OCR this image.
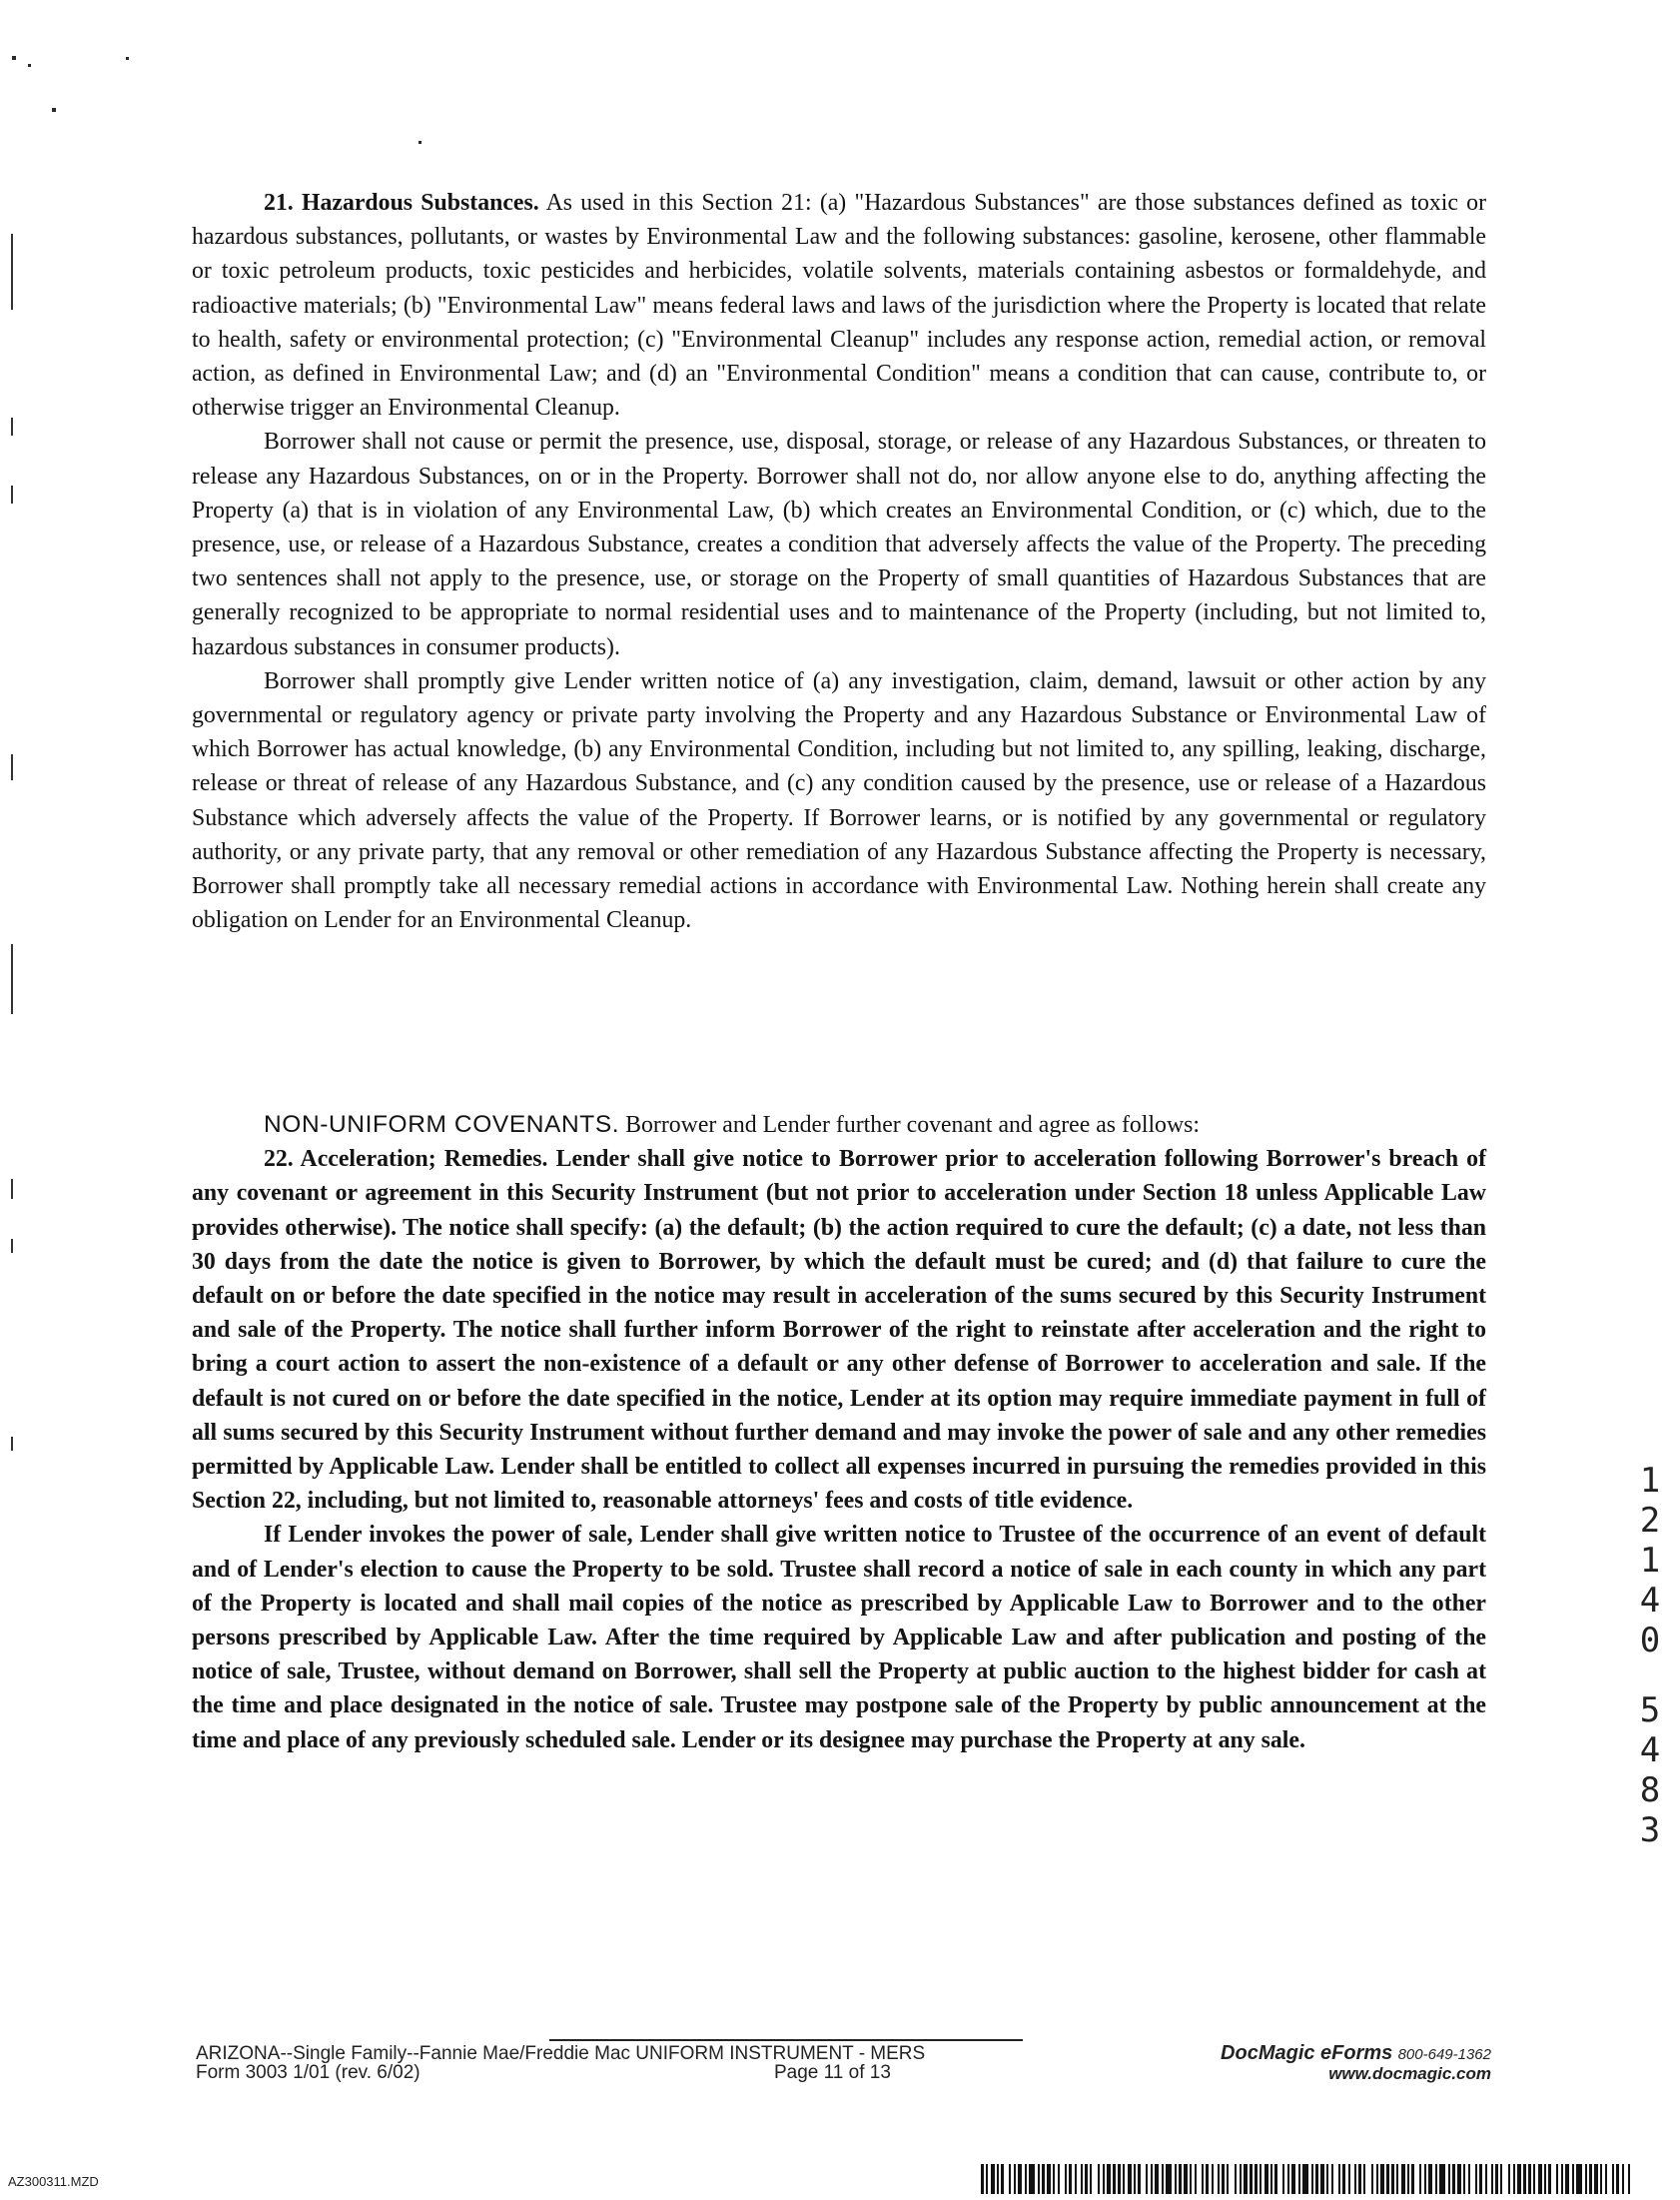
21. Hazardous Substances. As used in this Section 21: (a) "Hazardous Substances" are those substances defined as toxic or hazardous substances, pollutants, or wastes by Environmental Law and the following substances: gasoline, kerosene, other flammable or toxic petroleum products, toxic pesticides and herbicides, volatile solvents, materials containing asbestos or formaldehyde, and radioactive materials; (b) "Environmental Law" means federal laws and laws of the jurisdiction where the Property is located that relate to health, safety or environmental protection; (c) "Environmental Cleanup" includes any response action, remedial action, or removal action, as defined in Environmental Law; and (d) an "Environmental Condition" means a condition that can cause, contribute to, or otherwise trigger an Environmental Cleanup.

Borrower shall not cause or permit the presence, use, disposal, storage, or release of any Hazardous Substances, or threaten to release any Hazardous Substances, on or in the Property. Borrower shall not do, nor allow anyone else to do, anything affecting the Property (a) that is in violation of any Environmental Law, (b) which creates an Environmental Condition, or (c) which, due to the presence, use, or release of a Hazardous Substance, creates a condition that adversely affects the value of the Property. The preceding two sentences shall not apply to the presence, use, or storage on the Property of small quantities of Hazardous Substances that are generally recognized to be appropriate to normal residential uses and to maintenance of the Property (including, but not limited to, hazardous substances in consumer products).

Borrower shall promptly give Lender written notice of (a) any investigation, claim, demand, lawsuit or other action by any governmental or regulatory agency or private party involving the Property and any Hazardous Substance or Environmental Law of which Borrower has actual knowledge, (b) any Environmental Condition, including but not limited to, any spilling, leaking, discharge, release or threat of release of any Hazardous Substance, and (c) any condition caused by the presence, use or release of a Hazardous Substance which adversely affects the value of the Property. If Borrower learns, or is notified by any governmental or regulatory authority, or any private party, that any removal or other remediation of any Hazardous Substance affecting the Property is necessary, Borrower shall promptly take all necessary remedial actions in accordance with Environmental Law. Nothing herein shall create any obligation on Lender for an Environmental Cleanup.

NON-UNIFORM COVENANTS. Borrower and Lender further covenant and agree as follows:

22. Acceleration; Remedies. Lender shall give notice to Borrower prior to acceleration following Borrower's breach of any covenant or agreement in this Security Instrument (but not prior to acceleration under Section 18 unless Applicable Law provides otherwise). The notice shall specify: (a) the default; (b) the action required to cure the default; (c) a date, not less than 30 days from the date the notice is given to Borrower, by which the default must be cured; and (d) that failure to cure the default on or before the date specified in the notice may result in acceleration of the sums secured by this Security Instrument and sale of the Property. The notice shall further inform Borrower of the right to reinstate after acceleration and the right to bring a court action to assert the non-existence of a default or any other defense of Borrower to acceleration and sale. If the default is not cured on or before the date specified in the notice, Lender at its option may require immediate payment in full of all sums secured by this Security Instrument without further demand and may invoke the power of sale and any other remedies permitted by Applicable Law. Lender shall be entitled to collect all expenses incurred in pursuing the remedies provided in this Section 22, including, but not limited to, reasonable attorneys' fees and costs of title evidence.

If Lender invokes the power of sale, Lender shall give written notice to Trustee of the occurrence of an event of default and of Lender's election to cause the Property to be sold. Trustee shall record a notice of sale in each county in which any part of the Property is located and shall mail copies of the notice as prescribed by Applicable Law to Borrower and to the other persons prescribed by Applicable Law. After the time required by Applicable Law and after publication and posting of the notice of sale, Trustee, without demand on Borrower, shall sell the Property at public auction to the highest bidder for cash at the time and place designated in the notice of sale. Trustee may postpone sale of the Property by public announcement at the time and place of any previously scheduled sale. Lender or its designee may purchase the Property at any sale.

1
2
1
4
0
5
4
8
3
ARIZONA--Single Family--Fannie Mae/Freddie Mac UNIFORM INSTRUMENT - MERS
Form 3003 1/01 (rev. 6/02)	Page 11 of 13
DocMagic eForms 800-649-1362
www.docmagic.com
AZ300311.MZD
